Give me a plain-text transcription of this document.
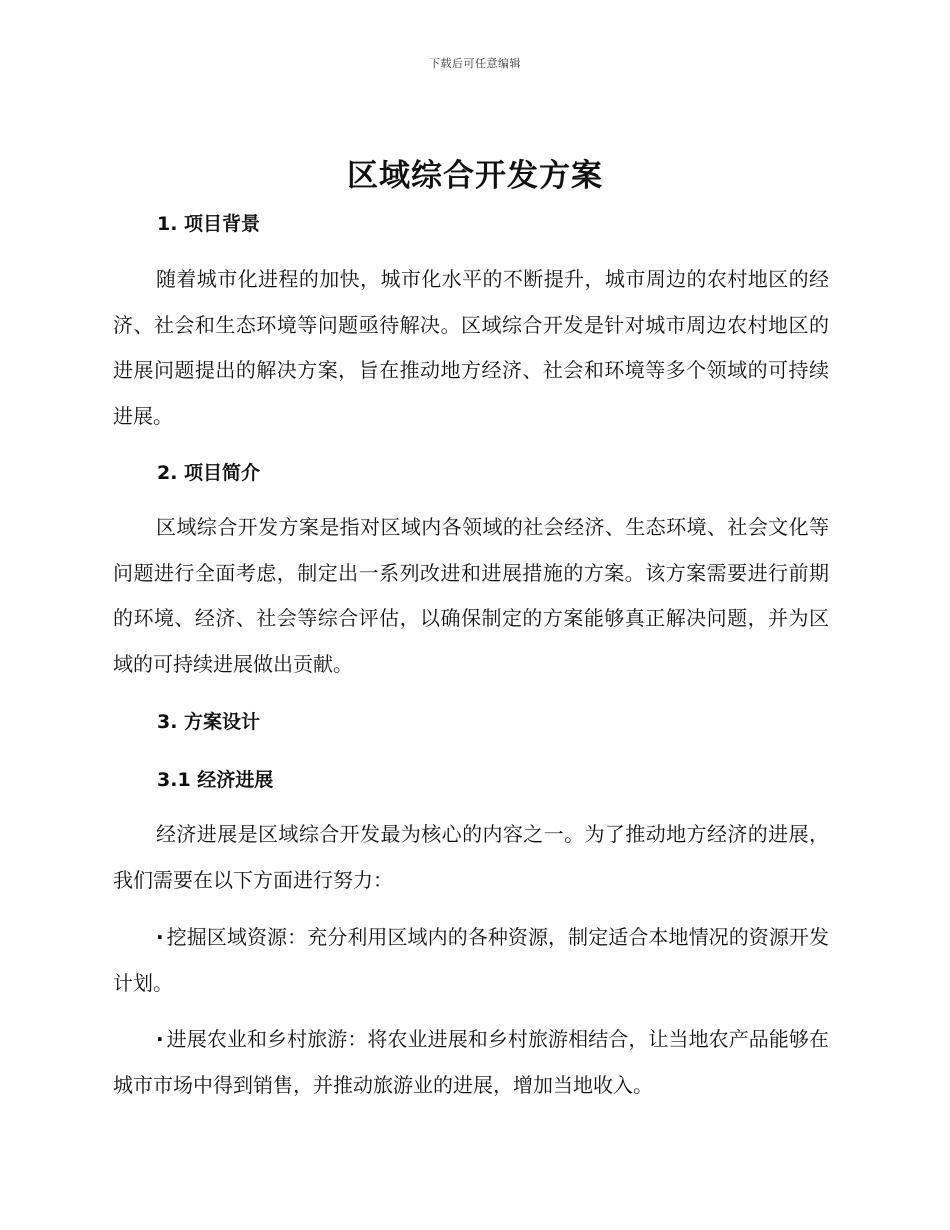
下载后可任意编辑
区域综合开发方案
1. 项目背景

随着城市化进程的加快，城市化水平的不断提升，城市周边的农村地区的经济、社会和生态环境等问题亟待解决。区域综合开发是针对城市周边农村地区的进展问题提出的解决方案，旨在推动地方经济、社会和环境等多个领域的可持续进展。

2. 项目简介

区域综合开发方案是指对区域内各领域的社会经济、生态环境、社会文化等问题进行全面考虑，制定出一系列改进和进展措施的方案。该方案需要进行前期的环境、经济、社会等综合评估，以确保制定的方案能够真正解决问题，并为区域的可持续进展做出贡献。

3. 方案设计
3.1 经济进展

经济进展是区域综合开发最为核心的内容之一。为了推动地方经济的进展，我们需要在以下方面进行努力：

· 挖掘区域资源：充分利用区域内的各种资源，制定适合本地情况的资源开发计划。

· 进展农业和乡村旅游：将农业进展和乡村旅游相结合，让当地农产品能够在城市市场中得到销售，并推动旅游业的进展，增加当地收入。
